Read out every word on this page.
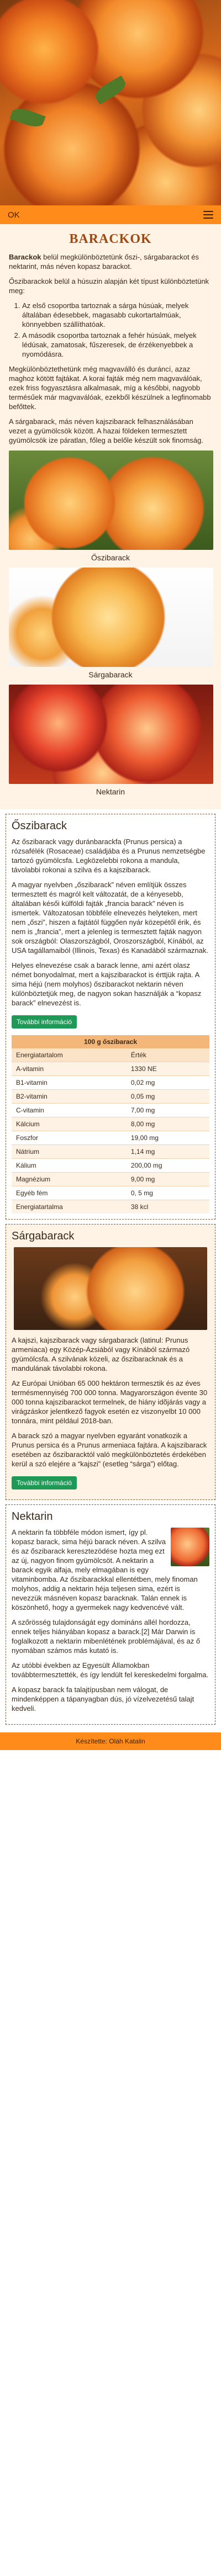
OK
BARACKOK

Barackok belül megkülönböztetünk őszi-, sárgabarackot és nektarint, más néven kopasz barackot.

Őszibarackok belül a húsuzin alapján két típust különböztetünk meg:

1. Az első csoportba tartoznak a sárga húsúak, melyek általában édesebbek, magasabb cukortartalmúak, könnyebben szállíthatóak.
2. A második csoportba tartoznak a fehér húsúak, melyek lédúsak, zamatosak, fűszeresek, de érzékenyebbek a nyomódásra.

Megkülönböztethetünk még magvaválló és duráncí, azaz maghoz kötött fajtákat. A korai fajták még nem magvaválóak, ezek friss fogyasztásra alkalmasak, míg a későbbi, nagyobb termésűek már magvaválóak, ezekből készülnek a legfinomabb befőttek.

A sárgabarack, más néven kajszibarack felhasználásában vezet a gyümölcsök között. A hazai földeken termesztett gyümölcsök ize páratlan, főleg a belőle készült sok finomság.

Őszibarack
Sárgabarack
Nektarin
Őszibarack

Az őszibarack vagy duránbarackfa (Prunus persica) a rózsafélék (Rosaceae) családjába és a Prunus nemzetségbe tartozó gyümölcsfa. Legközelebbi rokona a mandula, távolabbi rokonai a szilva és a kajszibarack.

A magyar nyelvben „őszibarack” néven említjük összes termesztett és magról kelt változatát, de a kényesebb, általában késői külföldi fajták „francia barack” néven is ismertek. Változatosan többféle elnevezés helyteken, mert nem „őszi”, hiszen a fajtától függően nyár közepétől érik, és nem is „francia”, mert a jelenleg is termesztett fajták nagyon sok országból: Olaszországból, Oroszországból, Kínából, az USA tagállamaiból (Illinois, Texas) és Kanadából származnak.

Helyes elnevezése csak a barack lenne, ami azért olasz német bonyodalmat, mert a kajszibarackot is érttjük rajta. A sima héjú (nem molyhos) őszibarackot nektarin néven különböztetjük meg, de nagyon sokan használják a “kopasz barack” elnevezést is.

További információ
100 g őszibarack
Energiatartalom	Érték
A-vitamin	1330 NE
B1-vitamin	0,02 mg
B2-vitamin	0,05 mg
C-vitamin	7,00 mg
Kálcium	8,00 mg
Foszfor	19,00 mg
Nátrium	1,14 mg
Kálium	200,00 mg
Magnézium	9,00 mg
Egyéb fém	0, 5 mg
Energiatartalma	38 kcl
Sárgabarack

A kajszi, kajszibarack vagy sárgabarack (latinul: Prunus armeniaca) egy Közép-Ázsiából vagy Kínából származó gyümölcsfa. A szilvának közeli, az őszibaracknak és a mandulának távolabbi rokona.

Az Európai Unióban 65 000 hektáron termesztik és az éves termésmennyiség 700 000 tonna. Magyarországon évente 30 000 tonna kajszibarackot termelnek, de hiány idõjárás vagy a virágzáskor jelentkező fagyok esetén ez viszonyelbt 10 000 tonnára, mint például 2018-ban.

A barack szó a magyar nyelvben egyaránt vonatkozik a Prunus persica és a Prunus armeniaca fajtára. A kajszibarack esetében az őszibaracktól való megkülönböztetés érdekében kerül a szó elejére a “kajszi” (esetleg “sárga”) előtag.

További információ
Nektarin

A nektarin fa többféle módon ismert, így pl. kopasz barack, sima héjú barack néven. A szilva és az őszibarack keresztezödése hozta meg ezt az új, nagyon finom gyümölcsöt. A nektarin a barack egyik alfaja, mely elmagában is egy vitaminbomba. Az őszibarackkal ellentétben, mely finoman molyhos, addig a nektarin héja teljesen sima, ezért is nevezzük másnéven kopasz baracknak. Talán ennek is köszönhető, hogy a gyermekek nagy kedvencévé vált.

A szőrösség tulajdonságát egy domináns allél hordozza, ennek teljes hiányában kopasz a barack.[2] Már Darwin is foglalkozott a nektarin mibenlétének problémájával, és az ő nyomában számos más kutató is.

Az utóbbi években az Egyesült Államokban továbbtermesztették, és így lendült fel kereskedelmi forgalma.

A kopasz barack fa talajtípusban nem válogat, de mindenképpen a tápanyagban dús, jó vízelvezetésű talajt kedveli.

Készítette: Oláh Katalin
